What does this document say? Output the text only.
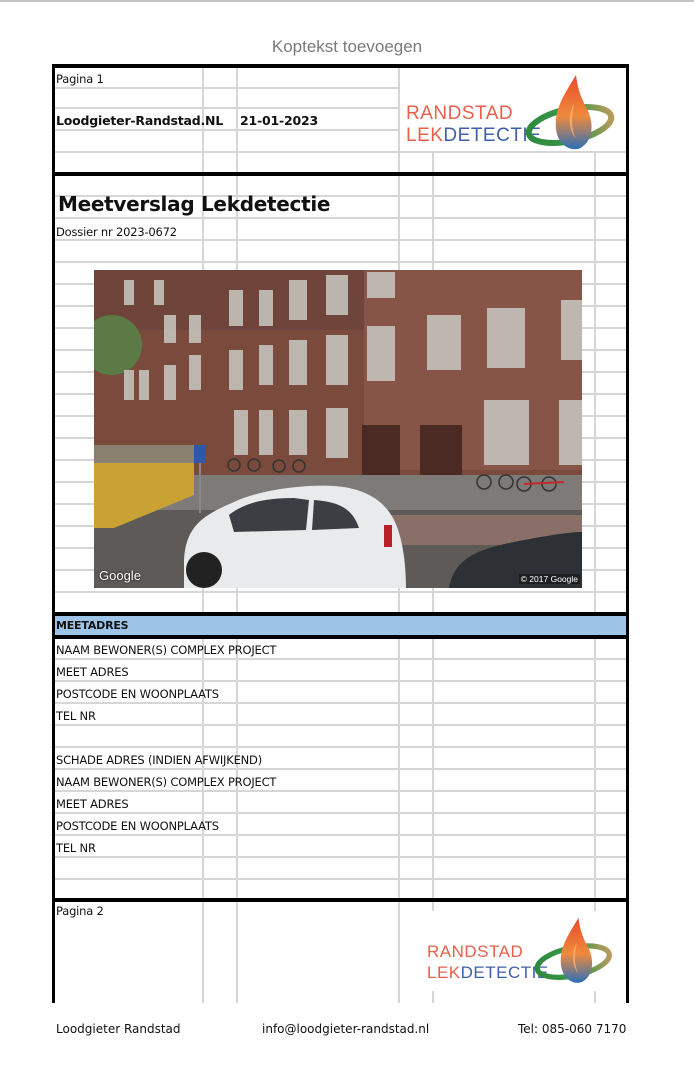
Koptekst toevoegen
Pagina 1
Loodgieter-Randstad.NL 21-01-2023	RANDSTAD
LEKDETECTIE
Meetverslag Lekdetectie
Dossier nr 2023-0672
Google	© 2017 Google
MEETADRES
NAAM BEWONER(S) COMPLEX PROJECT
MEET ADRES
POSTCODE EN WOONPLAATS
TEL NR
SCHADE ADRES (INDIEN AFWIJKEND)
NAAM BEWONER(S) COMPLEX PROJECT
MEET ADRES
POSTCODE EN WOONPLAATS
TEL NR
Pagina 2
RANDSTAD
LEKDETECTIE
Loodgieter Randstad	info@loodgieter-randstad.nl	Tel: 085-060 7170
